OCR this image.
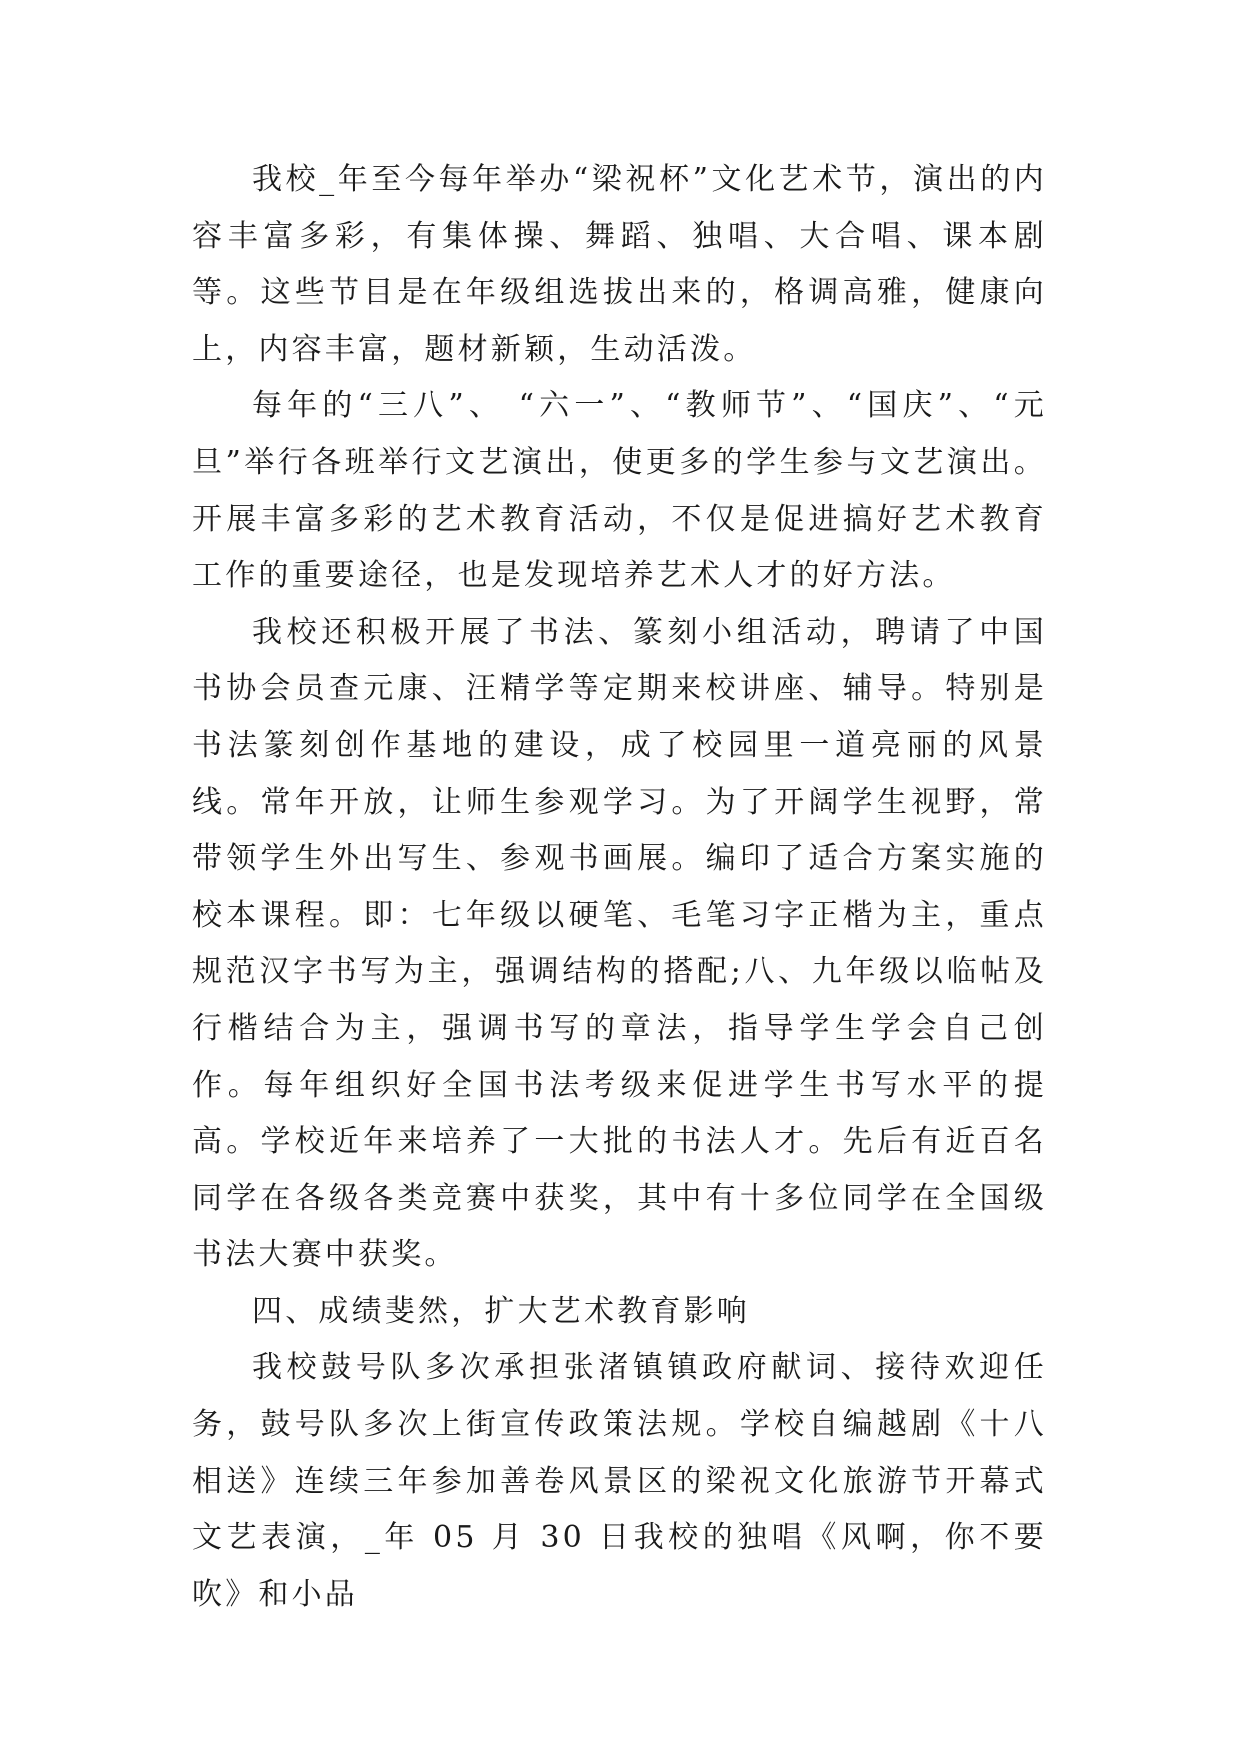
我校_年至今每年举办“梁祝杯”文化艺术节，演出的内容丰富多彩，有集体操、舞蹈、独唱、大合唱、课本剧等。这些节目是在年级组选拔出来的，格调高雅，健康向上，内容丰富，题材新颖，生动活泼。

每年的“三八”、 “六一”、“教师节”、“国庆”、“元旦”举行各班举行文艺演出，使更多的学生参与文艺演出。开展丰富多彩的艺术教育活动，不仅是促进搞好艺术教育工作的重要途径，也是发现培养艺术人才的好方法。

我校还积极开展了书法、篆刻小组活动，聘请了中国书协会员查元康、汪精学等定期来校讲座、辅导。特别是书法篆刻创作基地的建设，成了校园里一道亮丽的风景线。常年开放，让师生参观学习。为了开阔学生视野，常带领学生外出写生、参观书画展。编印了适合方案实施的校本课程。即：七年级以硬笔、毛笔习字正楷为主，重点规范汉字书写为主，强调结构的搭配;八、九年级以临帖及行楷结合为主，强调书写的章法，指导学生学会自己创作。每年组织好全国书法考级来促进学生书写水平的提高。学校近年来培养了一大批的书法人才。先后有近百名同学在各级各类竞赛中获奖，其中有十多位同学在全国级书法大赛中获奖。

四、成绩斐然，扩大艺术教育影响

我校鼓号队多次承担张渚镇镇政府献词、接待欢迎任务，鼓号队多次上街宣传政策法规。学校自编越剧《十八相送》连续三年参加善卷风景区的梁祝文化旅游节开幕式文艺表演，_年 05 月 30 日我校的独唱《风啊，你不要吹》和小品
